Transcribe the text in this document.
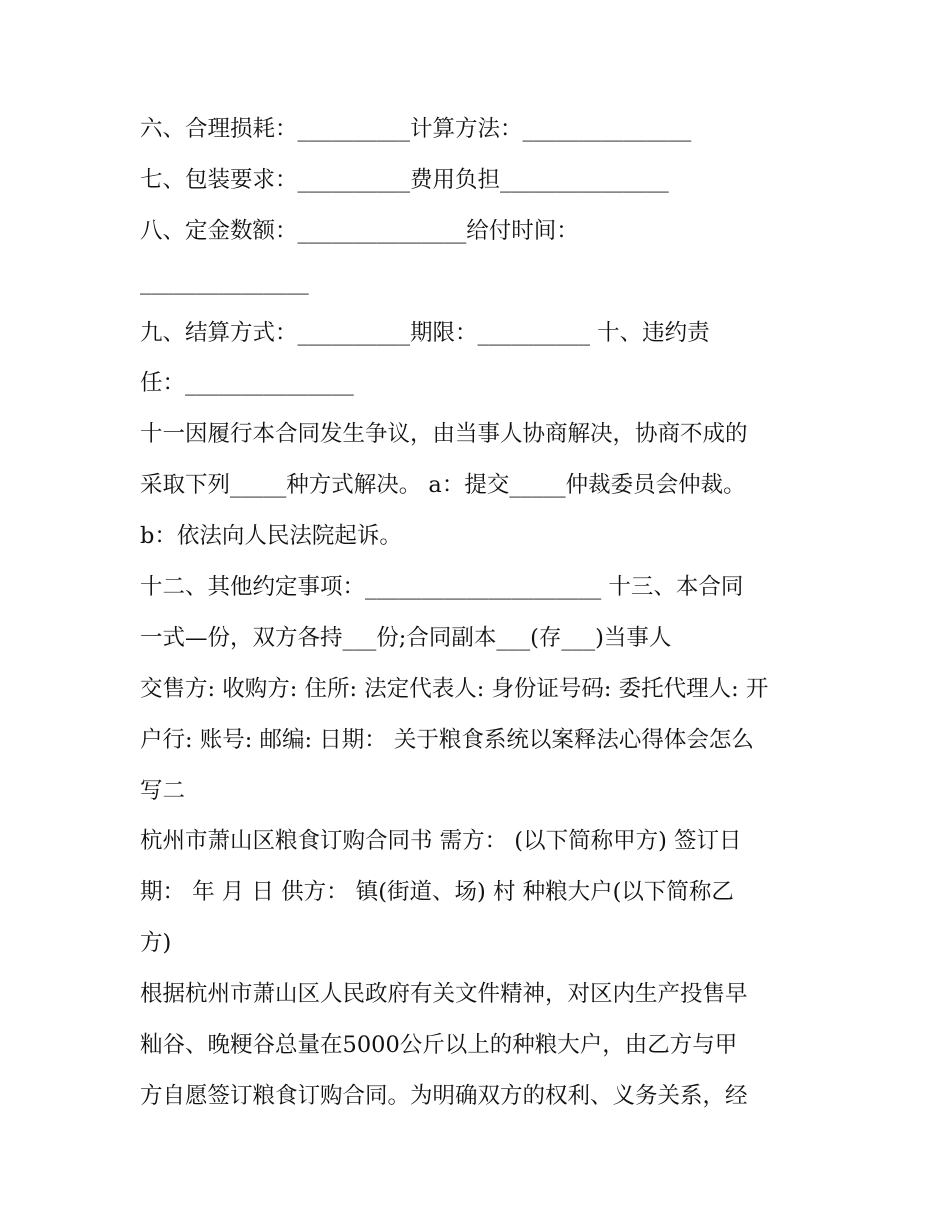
六、合理损耗：__________计算方法：_______________
七、包装要求：__________费用负担_______________
八、定金数额：_______________给付时间：
_______________
九、结算方式：__________期限：__________ 十、违约责
任：_______________
十一因履行本合同发生争议，由当事人协商解决，协商不成的
采取下列_____种方式解决。 a：提交_____仲裁委员会仲裁。
b：依法向人民法院起诉。
十二、其他约定事项：_____________________ 十三、本合同
一式—份，双方各持___份;合同副本___(存___)当事人
交售方: 收购方: 住所: 法定代表人: 身份证号码: 委托代理人: 开
户行: 账号: 邮编: 日期： 关于粮食系统以案释法心得体会怎么
写二
杭州市萧山区粮食订购合同书 需方： (以下简称甲方) 签订日
期： 年 月 日 供方： 镇(街道、场) 村 种粮大户(以下简称乙
方)
根据杭州市萧山区人民政府有关文件精神，对区内生产投售早
籼谷、晚粳谷总量在5000公斤以上的种粮大户，由乙方与甲
方自愿签订粮食订购合同。为明确双方的权利、义务关系，经
